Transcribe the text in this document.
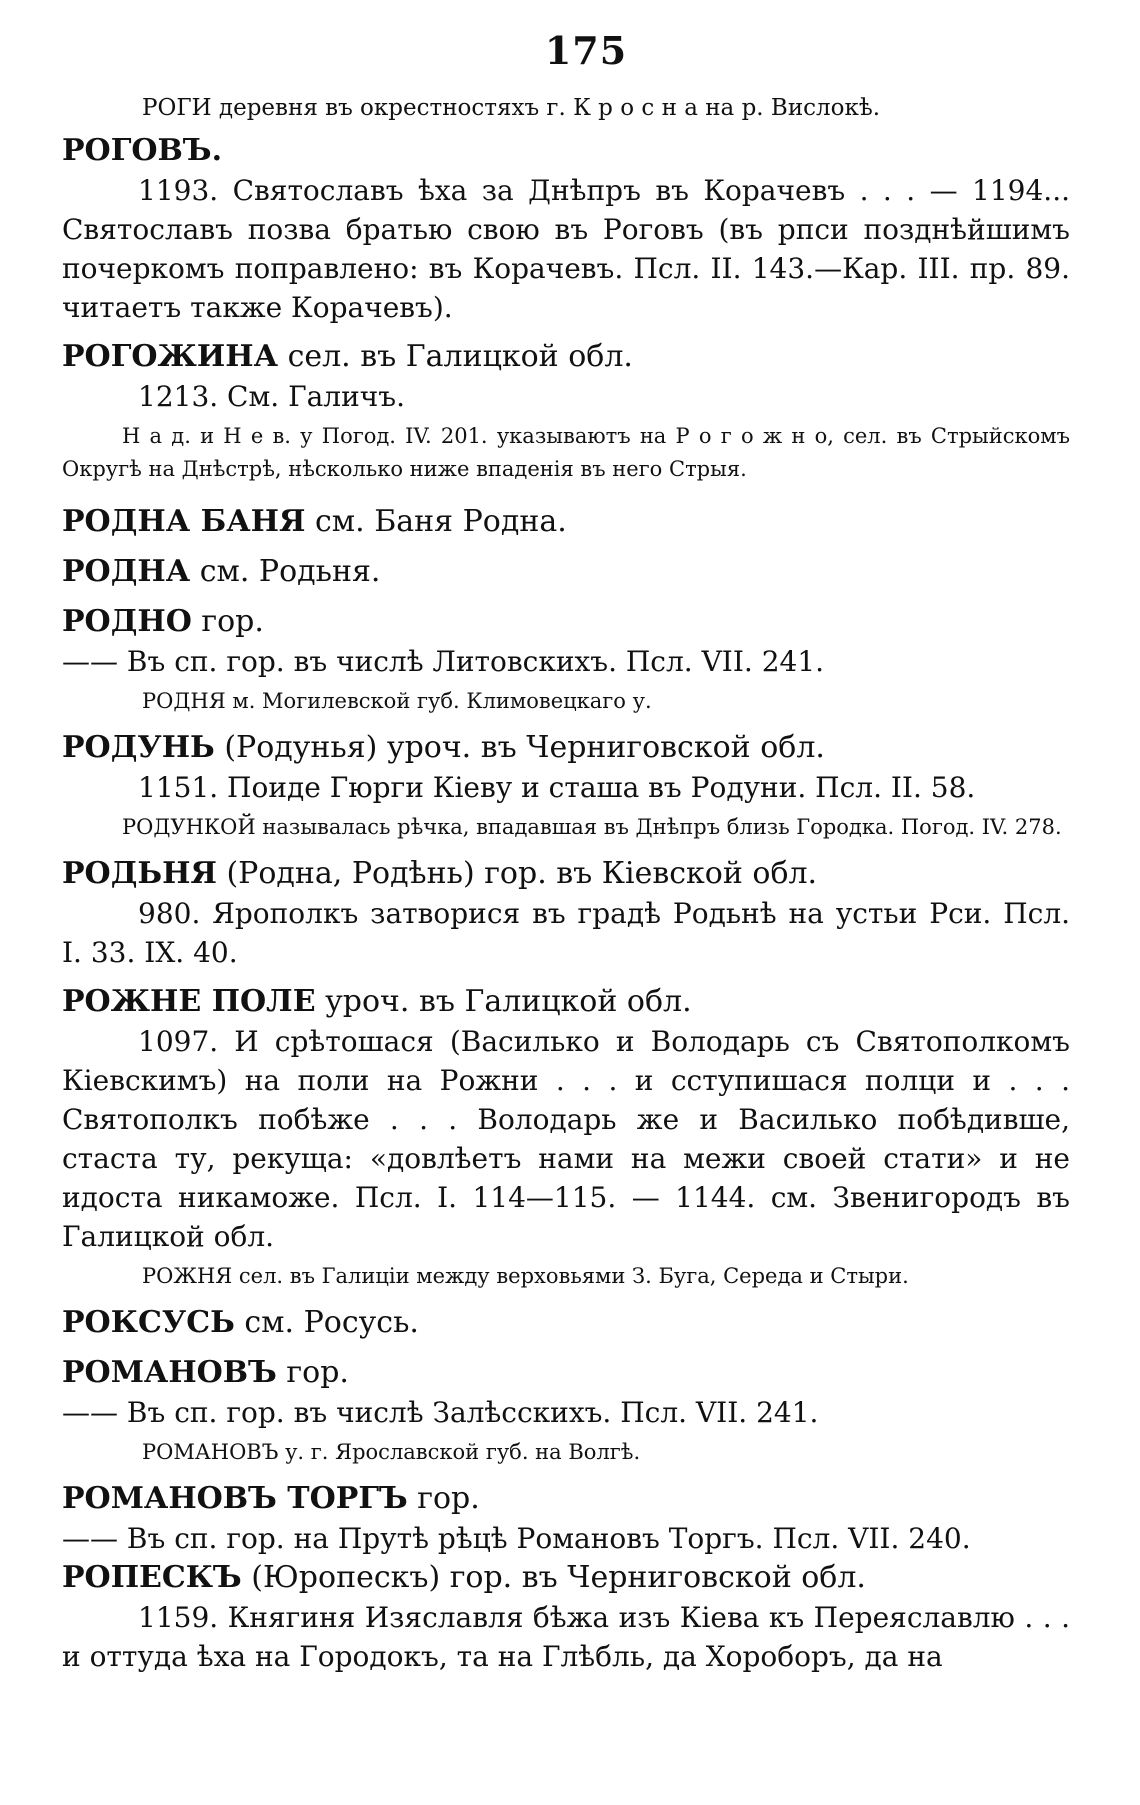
175

РОГИ деревня въ окрестностяхъ г. К р о с н а на р. Вислокѣ.

РОГОВЪ.

1193. Святославъ ѣха за Днѣпръ въ Корачевъ . . . — 1194... Святославъ позва братью свою въ Роговъ (въ рпси позднѣйшимъ почеркомъ поправлено: въ Корачевъ. Псл. II. 143.—Кар. III. пр. 89. читаетъ также Корачевъ).

РОГОЖИНА сел. въ Галицкой обл.

1213. См. Галичъ.

Н а д. и Н е в. у Погод. IV. 201. указываютъ на Р о г о ж н о, сел. въ Стрыйскомъ Округѣ на Днѣстрѣ, нѣсколько ниже впаденія въ него Стрыя.

РОДНА БАНЯ см. Баня Родна.

РОДНА см. Родьня.

РОДНО гор.

—— Въ сп. гор. въ числѣ Литовскихъ. Псл. VII. 241.

РОДНЯ м. Могилевской губ. Климовецкаго у.

РОДУНЬ (Родунья) уроч. въ Черниговской обл.

1151. Поиде Гюрги Кіеву и сташа въ Родуни. Псл. II. 58.

РОДУНКОЙ называлась рѣчка, впадавшая въ Днѣпръ близь Городка. Погод. IV. 278.

РОДЬНЯ (Родна, Родѣнь) гор. въ Кіевской обл.

980. Ярополкъ затворися въ градѣ Родьнѣ на устьи Рси. Псл. I. 33. IX. 40.

РОЖНЕ ПОЛЕ уроч. въ Галицкой обл.

1097. И срѣтошася (Василько и Володарь съ Святополкомъ Кіевскимъ) на поли на Рожни . . . и сступишася полци и . . . Святополкъ побѣже . . . Володарь же и Василько побѣдивше, стаста ту, рекуща: «довлѣетъ нами на межи своей стати» и не идоста никаможе. Псл. I. 114—115. — 1144. см. Звенигородъ въ Галицкой обл.

РОЖНЯ сел. въ Галиціи между верховьями З. Буга, Середа и Стыри.

РОКСУСЬ см. Росусь.

РОМАНОВЪ гор.

—— Въ сп. гор. въ числѣ Залѣсскихъ. Псл. VII. 241.

РОМАНОВЪ у. г. Ярославской губ. на Волгѣ.

РОМАНОВЪ ТОРГЪ гор.

—— Въ сп. гор. на Прутѣ рѣцѣ Романовъ Торгъ. Псл. VII. 240.

РОПЕСКЪ (Юропескъ) гор. въ Черниговской обл.

1159. Княгиня Изяславля бѣжа изъ Кіева къ Переяславлю . . . и оттуда ѣха на Городокъ, та на Глѣбль, да Хороборъ, да на
